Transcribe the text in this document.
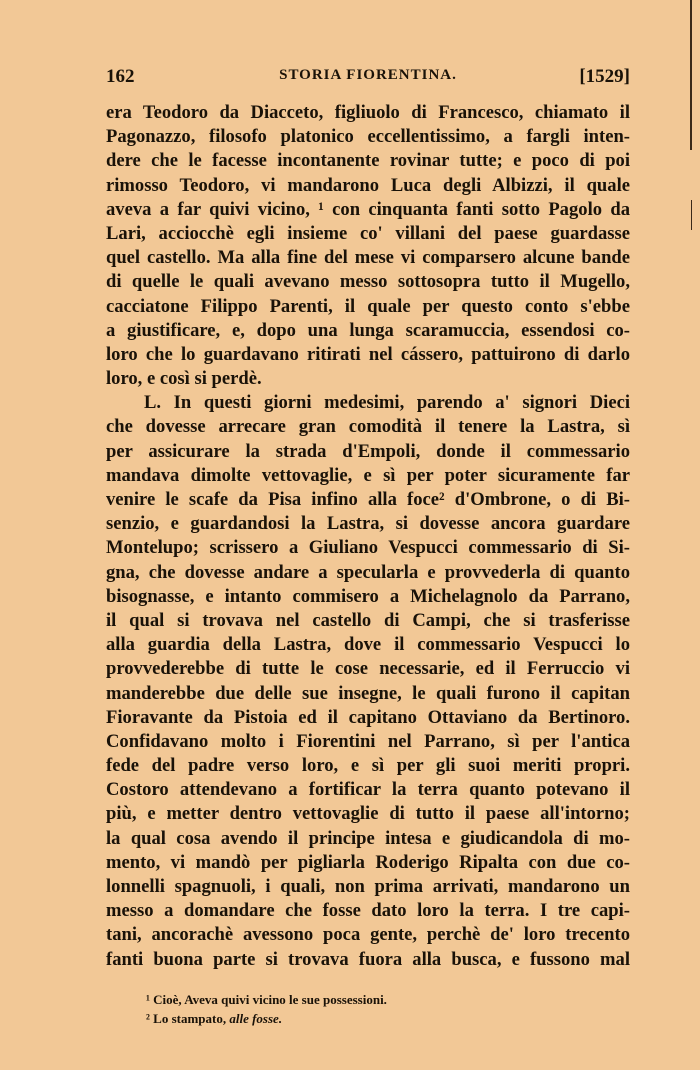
162	STORIA FIORENTINA.	[1529]
era Teodoro da Diacceto, figliuolo di Francesco, chiamato il
Pagonazzo, filosofo platonico eccellentissimo, a fargli inten-
dere che le facesse incontanente rovinar tutte; e poco di poi
rimosso Teodoro, vi mandarono Luca degli Albizzi, il quale
aveva a far quivi vicino, ¹ con cinquanta fanti sotto Pagolo da
Lari, acciocchè egli insieme co' villani del paese guardasse
quel castello. Ma alla fine del mese vi comparsero alcune bande
di quelle le quali avevano messo sottosopra tutto il Mugello,
cacciatone Filippo Parenti, il quale per questo conto s'ebbe
a giustificare, e, dopo una lunga scaramuccia, essendosi co-
loro che lo guardavano ritirati nel cássero, pattuirono di darlo
loro, e così si perdè.
L. In questi giorni medesimi, parendo a' signori Dieci
che dovesse arrecare gran comodità il tenere la Lastra, sì
per assicurare la strada d'Empoli, donde il commessario
mandava dimolte vettovaglie, e sì per poter sicuramente far
venire le scafe da Pisa infino alla foce² d'Ombrone, o di Bi-
senzio, e guardandosi la Lastra, si dovesse ancora guardare
Montelupo; scrissero a Giuliano Vespucci commessario di Si-
gna, che dovesse andare a specularla e provvederla di quanto
bisognasse, e intanto commisero a Michelagnolo da Parrano,
il qual si trovava nel castello di Campi, che si trasferisse
alla guardia della Lastra, dove il commessario Vespucci lo
provvederebbe di tutte le cose necessarie, ed il Ferruccio vi
manderebbe due delle sue insegne, le quali furono il capitan
Fioravante da Pistoia ed il capitano Ottaviano da Bertinoro.
Confidavano molto i Fiorentini nel Parrano, sì per l'antica
fede del padre verso loro, e sì per gli suoi meriti propri.
Costoro attendevano a fortificar la terra quanto potevano il
più, e metter dentro vettovaglie di tutto il paese all'intorno;
la qual cosa avendo il principe intesa e giudicandola di mo-
mento, vi mandò per pigliarla Roderigo Ripalta con due co-
lonnelli spagnuoli, i quali, non prima arrivati, mandarono un
messo a domandare che fosse dato loro la terra. I tre capi-
tani, ancorachè avessono poca gente, perchè de' loro trecento
fanti buona parte si trovava fuora alla busca, e fussono mal
¹ Cioè, Aveva quivi vicino le sue possessioni.
² Lo stampato, alle fosse.
